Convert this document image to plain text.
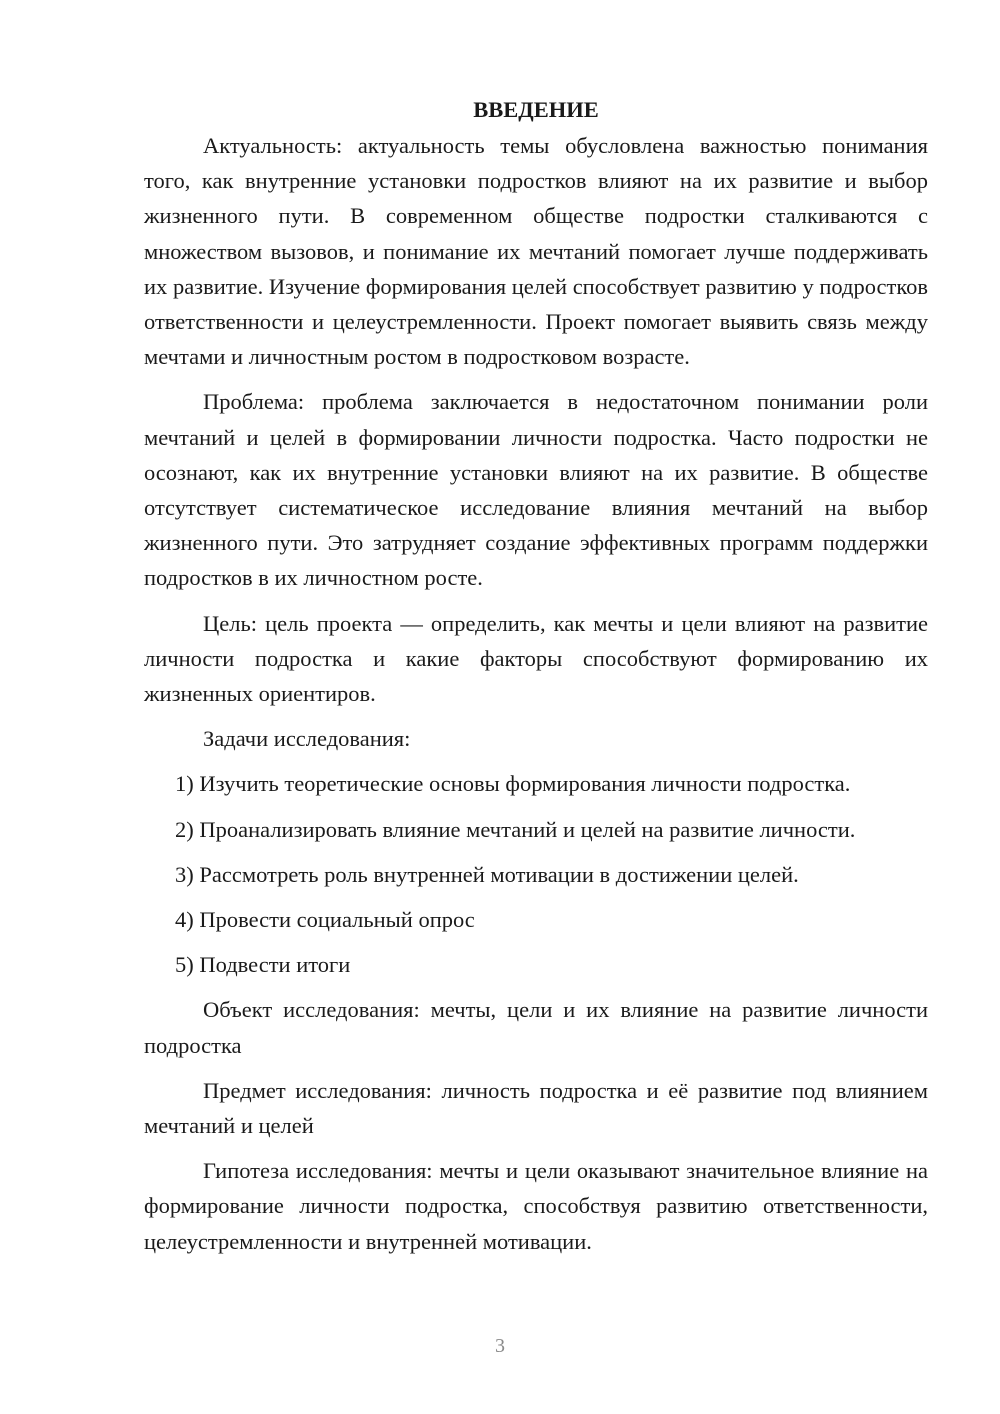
ВВЕДЕНИЕ

Актуальность: актуальность темы обусловлена важностью понимания того, как внутренние установки подростков влияют на их развитие и выбор жизненного пути. В современном обществе подростки сталкиваются с множеством вызовов, и понимание их мечтаний помогает лучше поддерживать их развитие. Изучение формирования целей способствует развитию у подростков ответственности и целеустремленности. Проект помогает выявить связь между мечтами и личностным ростом в подростковом возрасте.

Проблема: проблема заключается в недостаточном понимании роли мечтаний и целей в формировании личности подростка. Часто подростки не осознают, как их внутренние установки влияют на их развитие. В обществе отсутствует систематическое исследование влияния мечтаний на выбор жизненного пути. Это затрудняет создание эффективных программ поддержки подростков в их личностном росте.

Цель: цель проекта — определить, как мечты и цели влияют на развитие личности подростка и какие факторы способствуют формированию их жизненных ориентиров.

Задачи исследования:

1) Изучить теоретические основы формирования личности подростка.
2) Проанализировать влияние мечтаний и целей на развитие личности.
3) Рассмотреть роль внутренней мотивации в достижении целей.
4) Провести социальный опрос
5) Подвести итоги

Объект исследования: мечты, цели и их влияние на развитие личности подростка

Предмет исследования: личность подростка и её развитие под влиянием мечтаний и целей

Гипотеза исследования: мечты и цели оказывают значительное влияние на формирование личности подростка, способствуя развитию ответственности, целеустремленности и внутренней мотивации.

3
